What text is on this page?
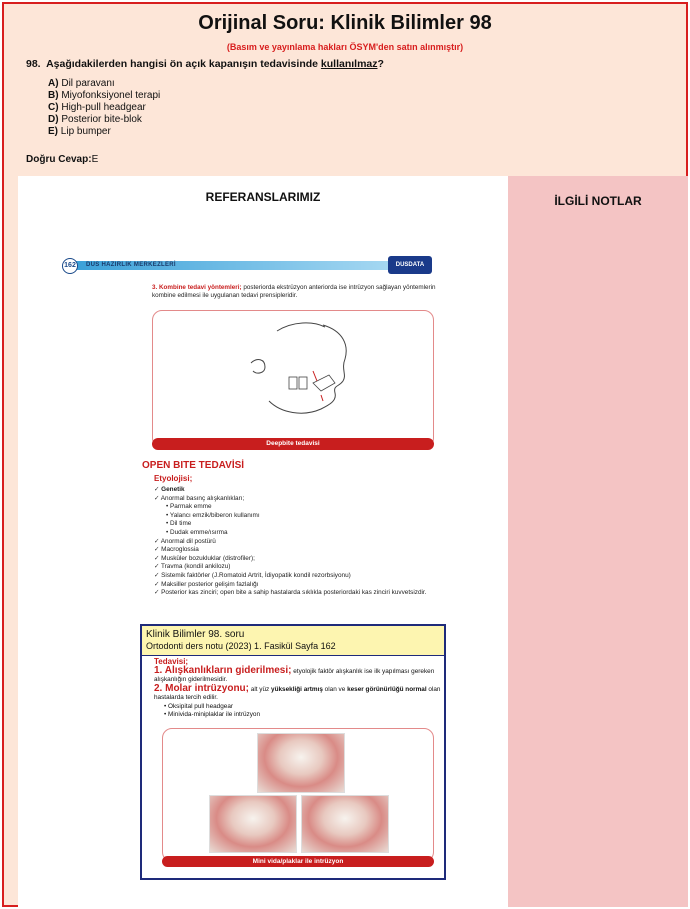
Orijinal Soru: Klinik Bilimler 98
(Basım ve yayınlama hakları ÖSYM'den satın alınmıştır)
98. Aşağıdakilerden hangisi ön açık kapanışın tedavisinde kullanılmaz?
A) Dil paravanı
B) Miyofonksiyonel terapi
C) High-pull headgear
D) Posterior bite-blok
E) Lip bumper
Doğru Cevap:E
REFERANSLARIMIZ
162	DUS HAZIRLIK MERKEZLERİ	DUSDATA
3. Kombine tedavi yöntemleri; posteriorda ekstrüzyon anteriorda ise intrüzyon sağlayan yöntemlerin kombine edilmesi ile uygulanan tedavi prensipleridir.
Deepbite tedavisi
OPEN BITE TEDAVİSİ
Etyolojisi;
✓ Genetik
✓ Anormal basınç alışkanlıkları;
• Parmak emme
• Yalancı emzik/biberon kullanımı
• Dil time
• Dudak emme/ısırma
✓ Anormal dil postürü
✓ Macroglossia
✓ Musküler bozukluklar (distrofiler);
✓ Travma (kondil ankilozu)
✓ Sistemik faktörler (J.Romatoid Artrit, İdiyopatik kondil rezorbsiyonu)
✓ Maksiller posterior gelişim fazlalığı
✓ Posterior kas zinciri; open bite a sahip hastalarda sıklıkla posteriordaki kas zinciri kuvvetsizdir.
Klinik Bilimler 98. soru
Ortodonti ders notu (2023) 1. Fasikül Sayfa 162
Tedavisi;
1. Alışkanlıkların giderilmesi; etyolojik faktör alışkanlık ise ilk yapılması gereken alışkanlığın giderilmesidir.
2. Molar intrüzyonu; alt yüz yüksekliği artmış olan ve keser görünürlüğü normal olan hastalarda tercih edilir.
• Oksipital pull headgear
• Minivida-miniplaklar ile intrüzyon
Mini vida/plaklar ile intrüzyon
İLGİLİ NOTLAR
